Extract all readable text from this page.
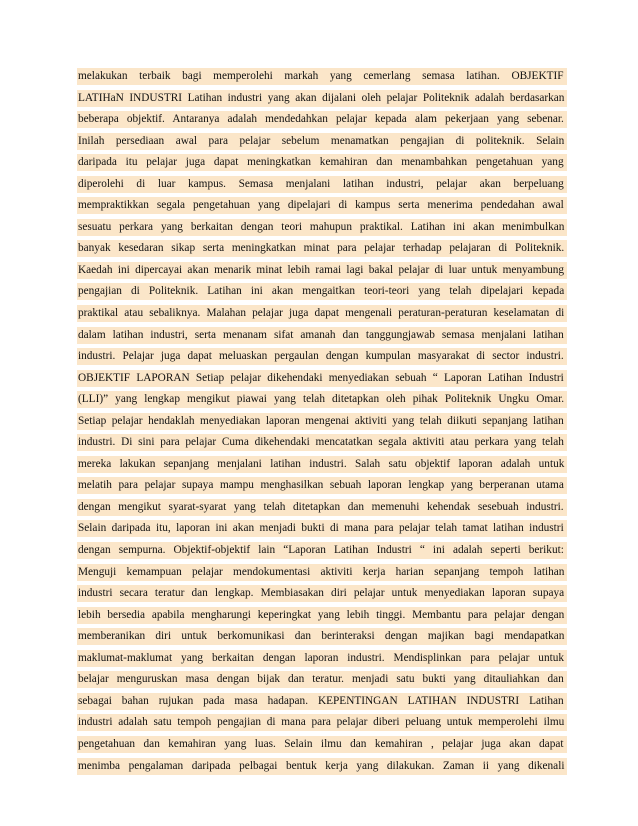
melakukan terbaik bagi memperolehi markah yang cemerlang semasa latihan. OBJEKTIF
LATIHaN INDUSTRI Latihan industri yang akan dijalani oleh pelajar Politeknik adalah berdasarkan
beberapa objektif. Antaranya adalah mendedahkan pelajar kepada alam pekerjaan yang sebenar.
Inilah persediaan awal para pelajar sebelum menamatkan pengajian di politeknik. Selain
daripada itu pelajar juga dapat meningkatkan kemahiran dan menambahkan pengetahuan yang
diperolehi di luar kampus. Semasa menjalani latihan industri, pelajar akan berpeluang
mempraktikkan segala pengetahuan yang dipelajari di kampus serta menerima pendedahan awal
sesuatu perkara yang berkaitan dengan teori mahupun praktikal. Latihan ini akan menimbulkan
banyak kesedaran sikap serta meningkatkan minat para pelajar terhadap pelajaran di Politeknik.
Kaedah ini dipercayai akan menarik minat lebih ramai lagi bakal pelajar di luar untuk menyambung
pengajian di Politeknik. Latihan ini akan mengaitkan teori-teori yang telah dipelajari kepada
praktikal atau sebaliknya. Malahan pelajar juga dapat mengenali peraturan-peraturan keselamatan di
dalam latihan industri, serta menanam sifat amanah dan tanggungjawab semasa menjalani latihan
industri. Pelajar juga dapat meluaskan pergaulan dengan kumpulan masyarakat di sector industri.
OBJEKTIF LAPORAN Setiap pelajar dikehendaki menyediakan sebuah “ Laporan Latihan Industri
(LLI)” yang lengkap mengikut piawai yang telah ditetapkan oleh pihak Politeknik Ungku Omar.
Setiap pelajar hendaklah menyediakan laporan mengenai aktiviti yang telah diikuti sepanjang latihan
industri. Di sini para pelajar Cuma dikehendaki mencatatkan segala aktiviti atau perkara yang telah
mereka lakukan sepanjang menjalani latihan industri. Salah satu objektif laporan adalah untuk
melatih para pelajar supaya mampu menghasilkan sebuah laporan lengkap yang berperanan utama
dengan mengikut syarat-syarat yang telah ditetapkan dan memenuhi kehendak sesebuah industri.
Selain daripada itu, laporan ini akan menjadi bukti di mana para pelajar telah tamat latihan industri
dengan sempurna. Objektif-objektif lain “Laporan Latihan Industri “ ini adalah seperti berikut:
Menguji kemampuan pelajar mendokumentasi aktiviti kerja harian sepanjang tempoh latihan
industri secara teratur dan lengkap. Membiasakan diri pelajar untuk menyediakan laporan supaya
lebih bersedia apabila mengharungi keperingkat yang lebih tinggi. Membantu para pelajar dengan
memberanikan diri untuk berkomunikasi dan berinteraksi dengan majikan bagi mendapatkan
maklumat-maklumat yang berkaitan dengan laporan industri. Mendisplinkan para pelajar untuk
belajar menguruskan masa dengan bijak dan teratur. menjadi satu bukti yang ditauliahkan dan
sebagai bahan rujukan pada masa hadapan. KEPENTINGAN LATIHAN INDUSTRI Latihan
industri adalah satu tempoh pengajian di mana para pelajar diberi peluang untuk memperolehi ilmu
pengetahuan dan kemahiran yang luas. Selain ilmu dan kemahiran , pelajar juga akan dapat
menimba pengalaman daripada pelbagai bentuk kerja yang dilakukan. Zaman ii yang dikenali
